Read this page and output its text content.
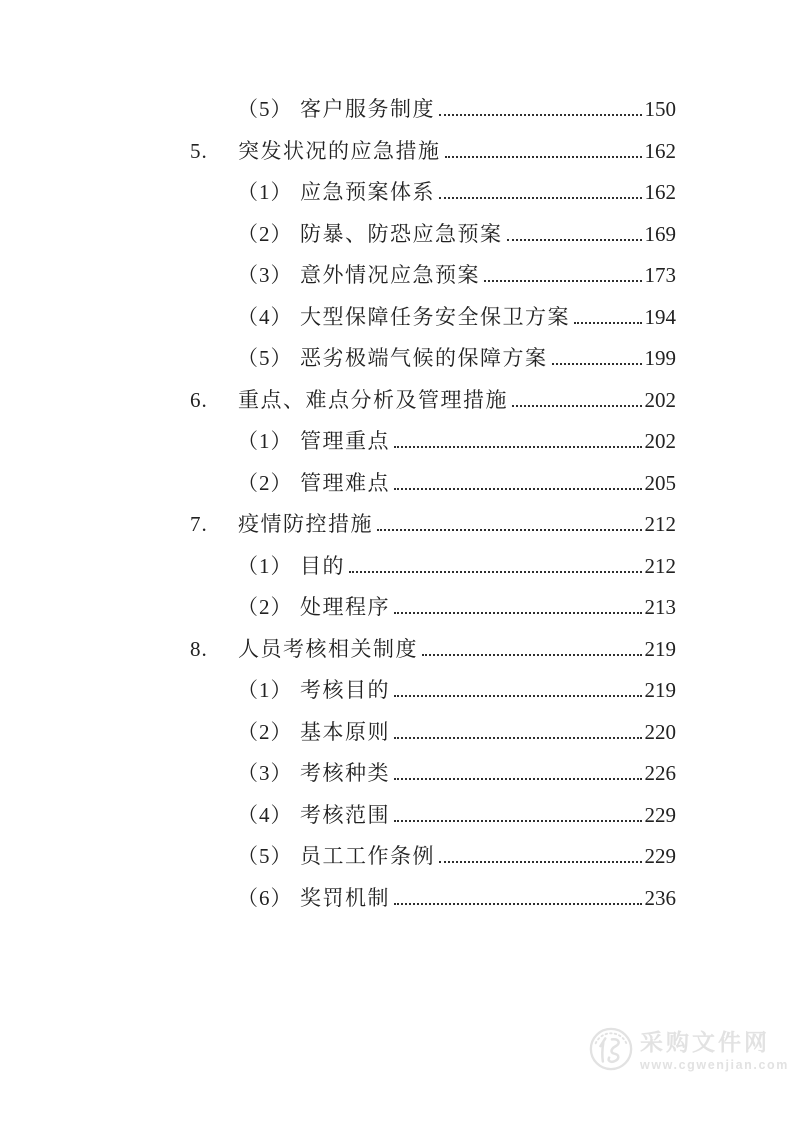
（5） 客户服务制度	150
5.	突发状况的应急措施	162
（1） 应急预案体系	162
（2） 防暴、防恐应急预案	169
（3） 意外情况应急预案	173
（4） 大型保障任务安全保卫方案	194
（5） 恶劣极端气候的保障方案	199
6.	重点、难点分析及管理措施	202
（1） 管理重点	202
（2） 管理难点	205
7.	疫情防控措施	212
（1） 目的	212
（2） 处理程序	213
8.	人员考核相关制度	219
（1） 考核目的	219
（2） 基本原则	220
（3） 考核种类	226
（4） 考核范围	229
（5） 员工工作条例	229
（6） 奖罚机制	236
采购文件网
www.cgwenjian.com
